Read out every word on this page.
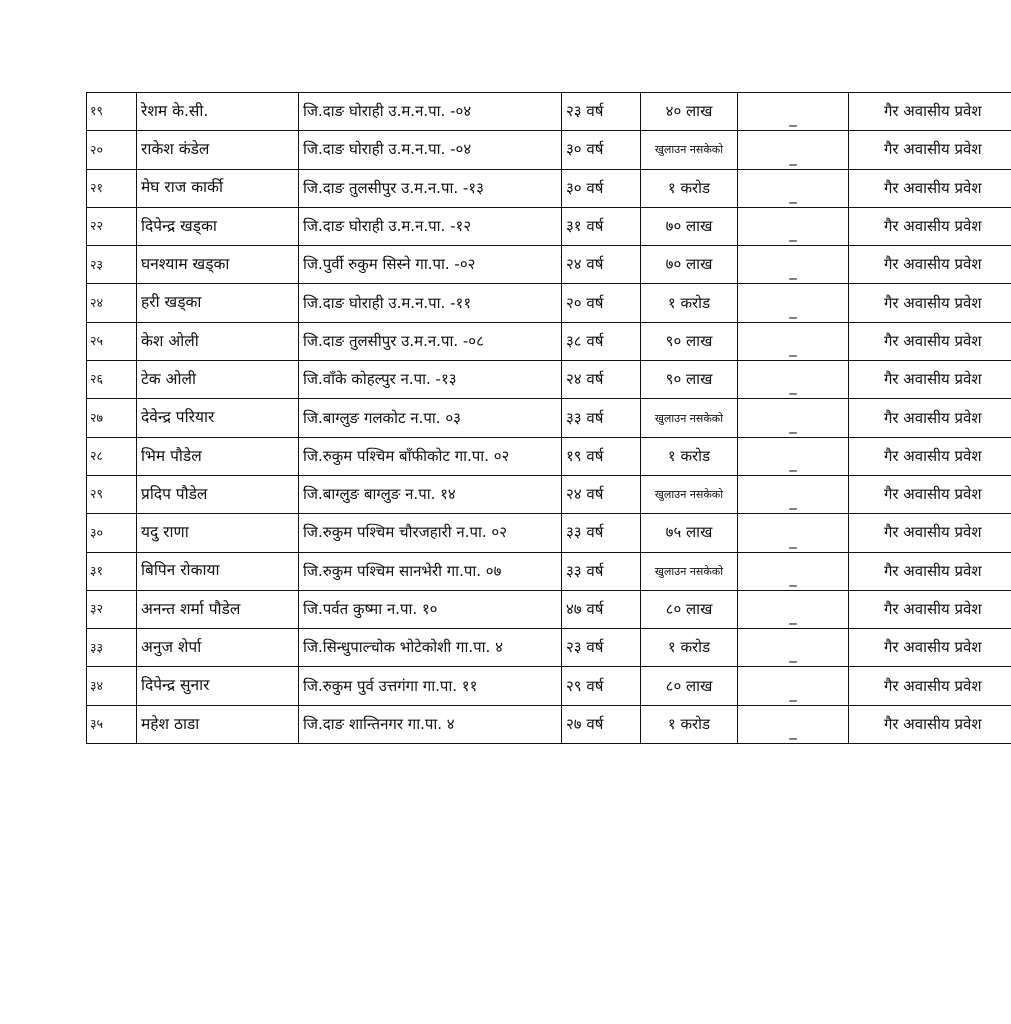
१९	रेशम के.सी.	जि.दाङ घोराही उ.म.न.पा. -०४	२३ वर्ष	४० लाख	_	गैर अवासीय प्रवेश
२०	राकेश कंडेल	जि.दाङ घोराही उ.म.न.पा. -०४	३० वर्ष	खुलाउन नसकेको	_	गैर अवासीय प्रवेश
२१	मेघ राज कार्की	जि.दाङ तुलसीपुर उ.म.न.पा. -१३	३० वर्ष	१ करोड	_	गैर अवासीय प्रवेश
२२	दिपेन्द्र खड्का	जि.दाङ घोराही उ.म.न.पा. -१२	३१ वर्ष	७० लाख	_	गैर अवासीय प्रवेश
२३	घनश्याम खड्का	जि.पुर्वी रुकुम सिस्ने गा.पा. -०२	२४ वर्ष	७० लाख	_	गैर अवासीय प्रवेश
२४	हरी खड्का	जि.दाङ घोराही उ.म.न.पा. -११	२० वर्ष	१ करोड	_	गैर अवासीय प्रवेश
२५	केश ओली	जि.दाङ तुलसीपुर उ.म.न.पा. -०८	३८ वर्ष	९० लाख	_	गैर अवासीय प्रवेश
२६	टेक ओली	जि.वाँके कोहल्पुर न.पा. -१३	२४ वर्ष	९० लाख	_	गैर अवासीय प्रवेश
२७	देवेन्द्र परियार	जि.बाग्लुङ गलकोट न.पा. ०३	३३ वर्ष	खुलाउन नसकेको	_	गैर अवासीय प्रवेश
२८	भिम पौडेल	जि.रुकुम पश्चिम बाँफीकोट गा.पा. ०२	१९ वर्ष	१ करोड	_	गैर अवासीय प्रवेश
२९	प्रदिप पौडेल	जि.बाग्लुङ बाग्लुङ न.पा. १४	२४ वर्ष	खुलाउन नसकेको	_	गैर अवासीय प्रवेश
३०	यदु राणा	जि.रुकुम पश्चिम चौरजहारी न.पा. ०२	३३ वर्ष	७५ लाख	_	गैर अवासीय प्रवेश
३१	बिपिन रोकाया	जि.रुकुम पश्चिम सानभेरी गा.पा. ०७	३३ वर्ष	खुलाउन नसकेको	_	गैर अवासीय प्रवेश
३२	अनन्त शर्मा पौडेल	जि.पर्वत कुष्मा न.पा. १०	४७ वर्ष	८० लाख	_	गैर अवासीय प्रवेश
३३	अनुज शेर्पा	जि.सिन्धुपाल्चोक भोटेकोशी गा.पा. ४	२३ वर्ष	१ करोड	_	गैर अवासीय प्रवेश
३४	दिपेन्द्र सुनार	जि.रुकुम पुर्व उत्तगंगा गा.पा. ११	२९ वर्ष	८० लाख	_	गैर अवासीय प्रवेश
३५	महेश ठाडा	जि.दाङ शान्तिनगर गा.पा. ४	२७ वर्ष	१ करोड	_	गैर अवासीय प्रवेश
